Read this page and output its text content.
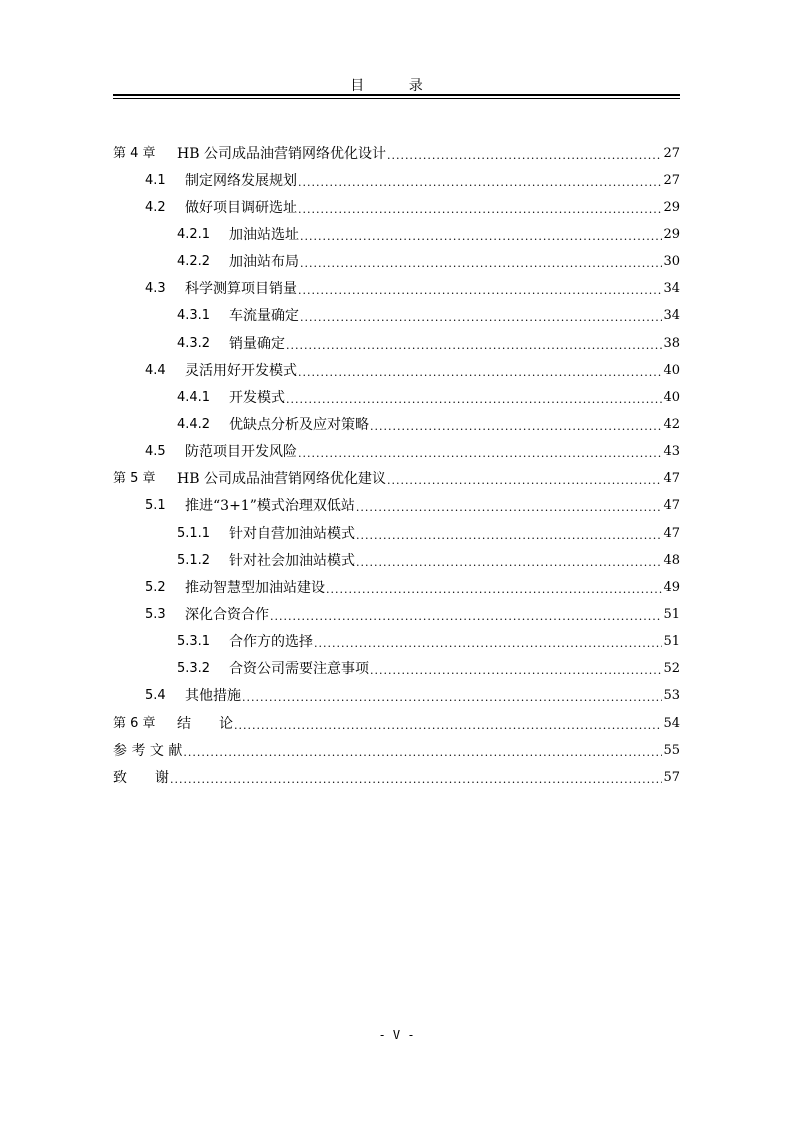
目 录
第 4 章	HB 公司成品油营销网络优化设计 .....	27
4.1	制定网络发展规划 .....	27
4.2	做好项目调研选址 .....	29
4.2.1	加油站选址 .....	29
4.2.2	加油站布局 .....	30
4.3	科学测算项目销量 .....	34
4.3.1	车流量确定 .....	34
4.3.2	销量确定 .....	38
4.4	灵活用好开发模式 .....	40
4.4.1	开发模式 .....	40
4.4.2	优缺点分析及应对策略 .....	42
4.5	防范项目开发风险 .....	43
第 5 章	HB 公司成品油营销网络优化建议 .....	47
5.1	推进“3+1”模式治理双低站 .....	47
5.1.1	针对自营加油站模式 .....	47
5.1.2	针对社会加油站模式 .....	48
5.2	推动智慧型加油站建设 .....	49
5.3	深化合资合作 .....	51
5.3.1	合作方的选择 .....	51
5.3.2	合资公司需要注意事项 .....	52
5.4	其他措施 .....	53
第 6 章	结　　论 .....	54
参 考 文 献 .....	55
致　　谢 .....	57
- V -
